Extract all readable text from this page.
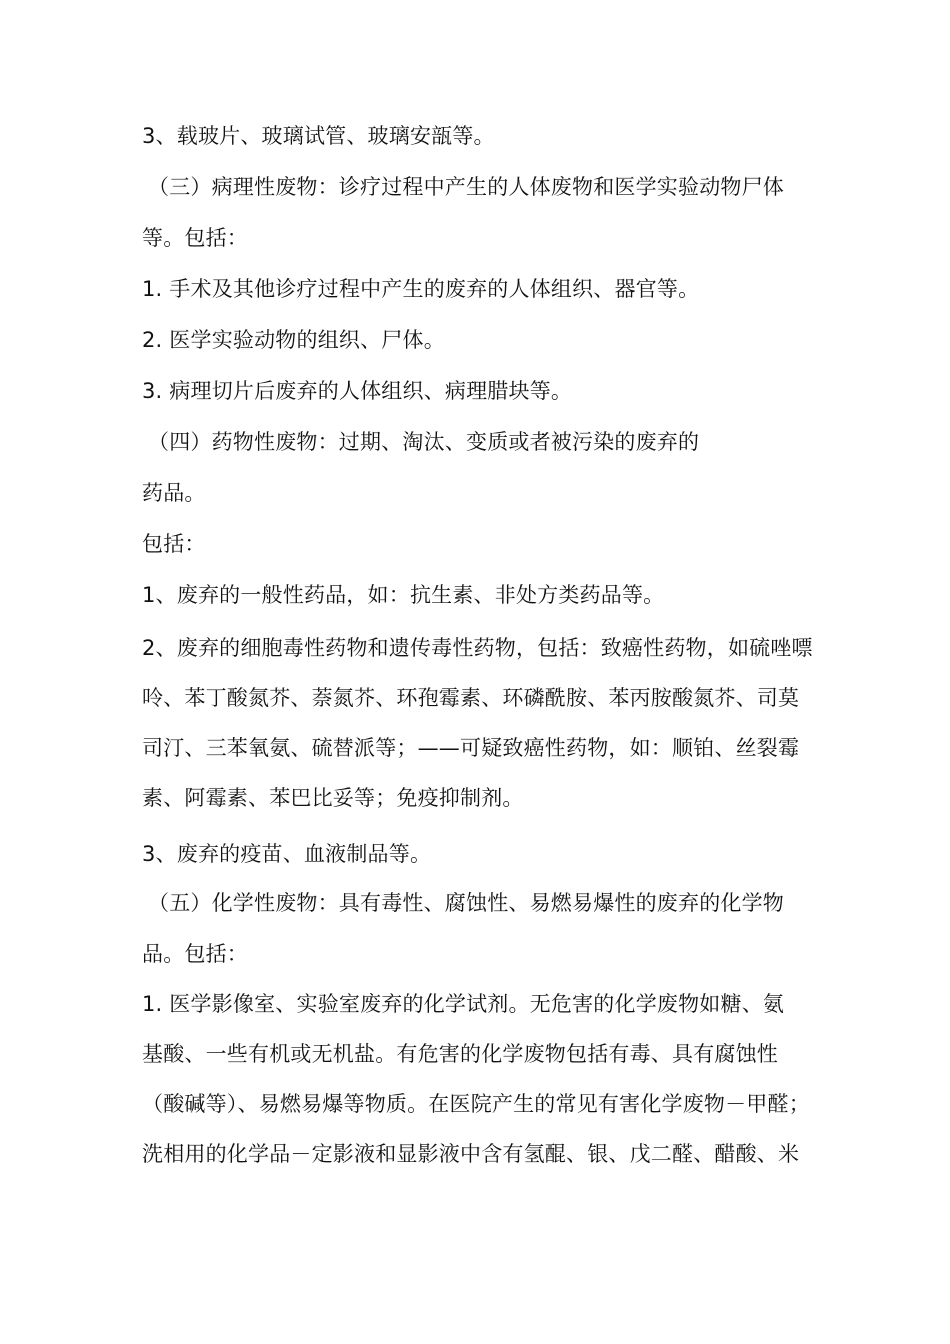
3、载玻片、玻璃试管、玻璃安瓿等。
（三）病理性废物：诊疗过程中产生的人体废物和医学实验动物尸体
等。包括：
1. 手术及其他诊疗过程中产生的废弃的人体组织、器官等。
2. 医学实验动物的组织、尸体。
3. 病理切片后废弃的人体组织、病理腊块等。
（四）药物性废物：过期、淘汰、变质或者被污染的废弃的
药品。
包括：
1、废弃的一般性药品，如：抗生素、非处方类药品等。
2、废弃的细胞毒性药物和遗传毒性药物，包括：致癌性药物，如硫唑嘌
呤、苯丁酸氮芥、萘氮芥、环孢霉素、环磷酰胺、苯丙胺酸氮芥、司莫
司汀、三苯氧氨、硫替派等；——可疑致癌性药物，如：顺铂、丝裂霉
素、阿霉素、苯巴比妥等；免疫抑制剂。
3、废弃的疫苗、血液制品等。
（五）化学性废物：具有毒性、腐蚀性、易燃易爆性的废弃的化学物
品。包括：
1. 医学影像室、实验室废弃的化学试剂。无危害的化学废物如糖、氨
基酸、一些有机或无机盐。有危害的化学废物包括有毒、具有腐蚀性
（酸碱等）、易燃易爆等物质。在医院产生的常见有害化学废物－甲醛；
洗相用的化学品－定影液和显影液中含有氢醌、银、戊二醛、醋酸、米
